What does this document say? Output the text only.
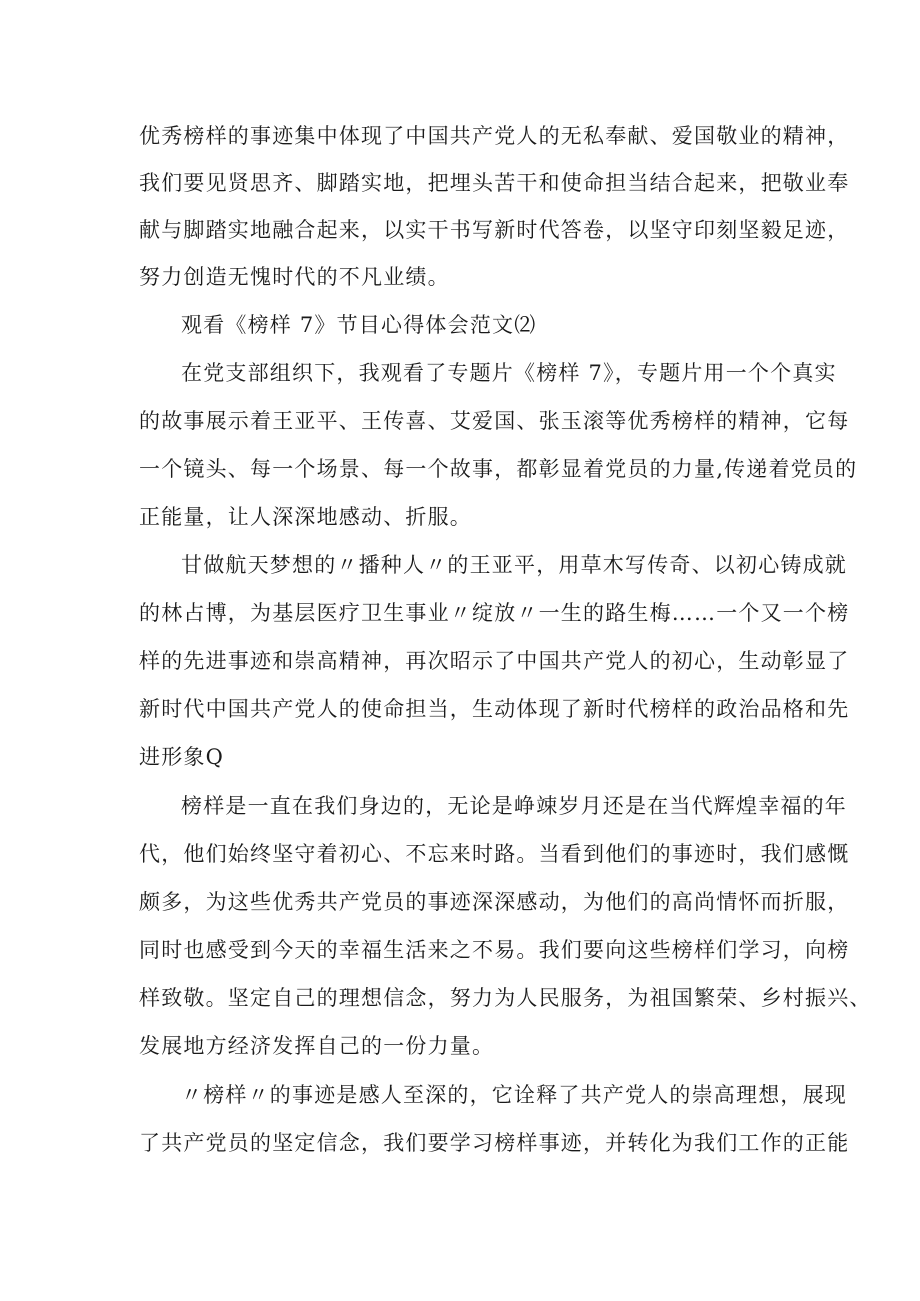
优秀榜样的事迹集中体现了中国共产党人的无私奉献、爱国敬业的精神，
我们要见贤思齐、脚踏实地，把埋头苦干和使命担当结合起来，把敬业奉
献与脚踏实地融合起来，以实干书写新时代答卷，以坚守印刻坚毅足迹，
努力创造无愧时代的不凡业绩。
观看《榜样 7》节目心得体会范文⑵
在党支部组织下，我观看了专题片《榜样 7》，专题片用一个个真实
的故事展示着王亚平、王传喜、艾爱国、张玉滚等优秀榜样的精神，它每
一个镜头、每一个场景、每一个故事，都彰显着党员的力量,传递着党员的
正能量，让人深深地感动、折服。
甘做航天梦想的〃播种人〃的王亚平，用草木写传奇、以初心铸成就
的林占博，为基层医疗卫生事业〃绽放〃一生的路生梅……一个又一个榜
样的先进事迹和崇高精神，再次昭示了中国共产党人的初心，生动彰显了
新时代中国共产党人的使命担当，生动体现了新时代榜样的政治品格和先
进形象Q
榜样是一直在我们身边的，无论是峥竦岁月还是在当代辉煌幸福的年
代，他们始终坚守着初心、不忘来时路。当看到他们的事迹时，我们感慨
颇多，为这些优秀共产党员的事迹深深感动，为他们的高尚情怀而折服，
同时也感受到今天的幸福生活来之不易。我们要向这些榜样们学习，向榜
样致敬。坚定自己的理想信念，努力为人民服务，为祖国繁荣、乡村振兴、
发展地方经济发挥自己的一份力量。
〃榜样〃的事迹是感人至深的，它诠释了共产党人的崇高理想，展现
了共产党员的坚定信念，我们要学习榜样事迹，并转化为我们工作的正能
